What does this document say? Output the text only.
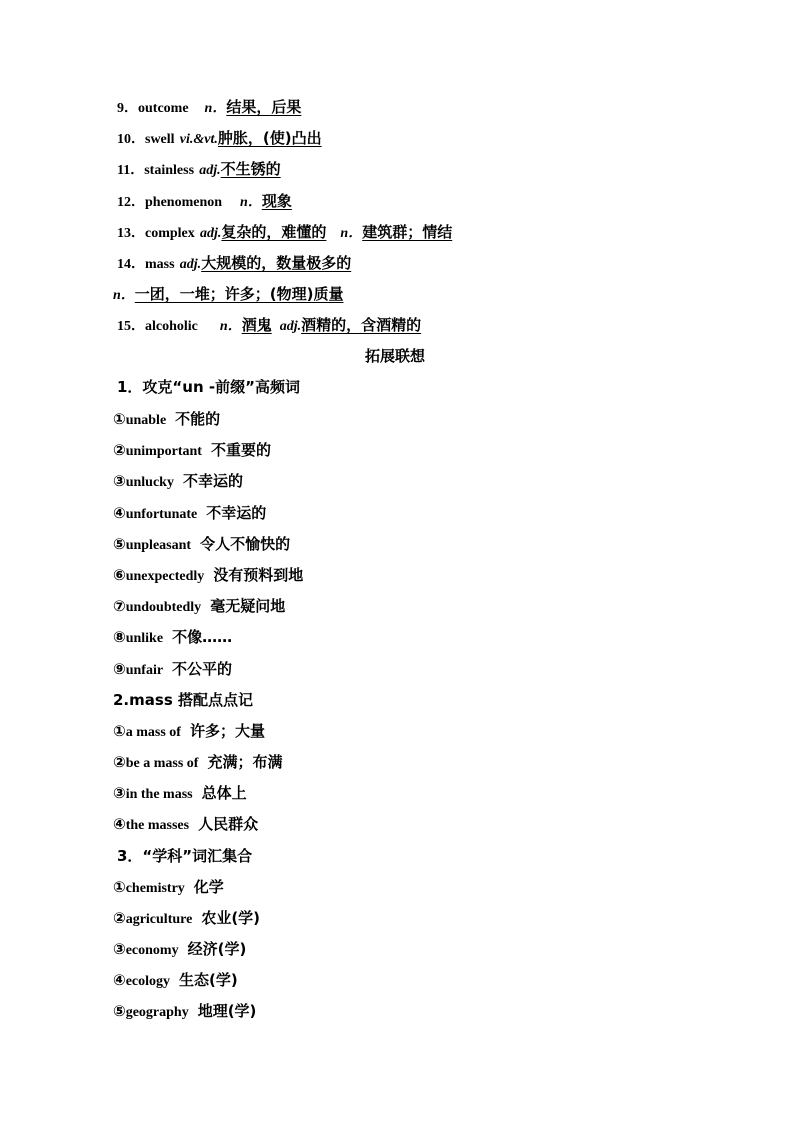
9．outcome n．结果，后果
10．swell vi.&vt.肿胀，(使)凸出
11．stainless adj.不生锈的
12．phenomenon n．现象
13．complex adj.复杂的，难懂的 n．建筑群；情结
14．mass adj.大规模的，数量极多的
n．一团，一堆；许多；(物理)质量
15．alcoholic n．酒鬼 adj.酒精的，含酒精的
拓展联想
1．攻克“un -前缀”高频词
①unable 不能的
②unimportant 不重要的
③unlucky 不幸运的
④unfortunate 不幸运的
⑤unpleasant 令人不愉快的
⑥unexpectedly 没有预料到地
⑦undoubtedly 毫无疑问地
⑧unlike 不像……
⑨unfair 不公平的
2.mass 搭配点点记
①a mass of 许多；大量
②be a mass of 充满；布满
③in the mass 总体上
④the masses 人民群众
3．“学科”词汇集合
①chemistry 化学
②agriculture 农业(学)
③economy 经济(学)
④ecology 生态(学)
⑤geography 地理(学)
